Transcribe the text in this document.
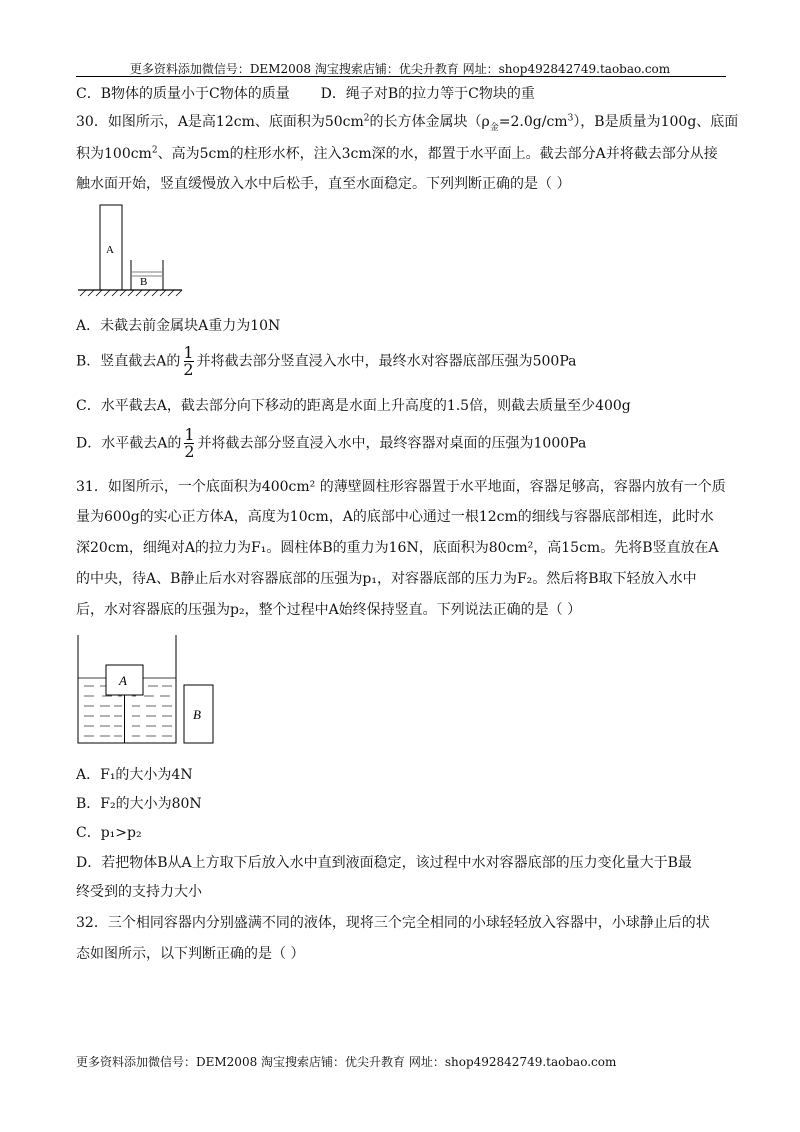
更多资料添加微信号：DEM2008 淘宝搜索店铺：优尖升教育 网址：shop492842749.taobao.com
C．B物体的质量小于C物体的质量 D．绳子对B的拉力等于C物块的重
30．如图所示，A是高12cm、底面积为$50cm^2$的长方体金属块$(\rho_金=2.0g/cm^3)$，B是质量为100g、底面
积为$100cm^2$、高为5cm的柱形水杯，注入3cm深的水，都置于水平面上。截去部分A并将截去部分从接
触水面开始，竖直缓慢放入水中后松手，直至水面稳定。下列判断正确的是（ ）
A
B
A．未截去前金属块A重力为10N
B．竖直截去A的 $\frac{1}{2}$ 并将截去部分竖直浸入水中，最终水对容器底部压强为500Pa
C．水平截去A，截去部分向下移动的距离是水面上升高度的1.5倍，则截去质量至少400g
D．水平截去A的 $\frac{1}{2}$ 并将截去部分竖直浸入水中，最终容器对桌面的压强为1000Pa
31．如图所示，一个底面积为400cm² 的薄壁圆柱形容器置于水平地面，容器足够高，容器内放有一个质
量为600g的实心正方体A，高度为10cm，A的底部中心通过一根12cm的细线与容器底部相连，此时水
深20cm，细绳对A的拉力为F₁。圆柱体B的重力为16N，底面积为80cm²，高15cm。先将B竖直放在A
的中央，待A、B静止后水对容器底部的压强为p₁，对容器底部的压力为F₂。然后将B取下轻放入水中
后，水对容器底的压强为p₂，整个过程中A始终保持竖直。下列说法正确的是（ ）
A
B
A．F₁的大小为4N
B．F₂的大小为80N
C．p₁>p₂
D．若把物体B从A上方取下后放入水中直到液面稳定，该过程中水对容器底部的压力变化量大于B最
终受到的支持力大小
32．三个相同容器内分别盛满不同的液体，现将三个完全相同的小球轻轻放入容器中，小球静止后的状
态如图所示，以下判断正确的是（ ）
更多资料添加微信号：DEM2008 淘宝搜索店铺：优尖升教育 网址：shop492842749.taobao.com
